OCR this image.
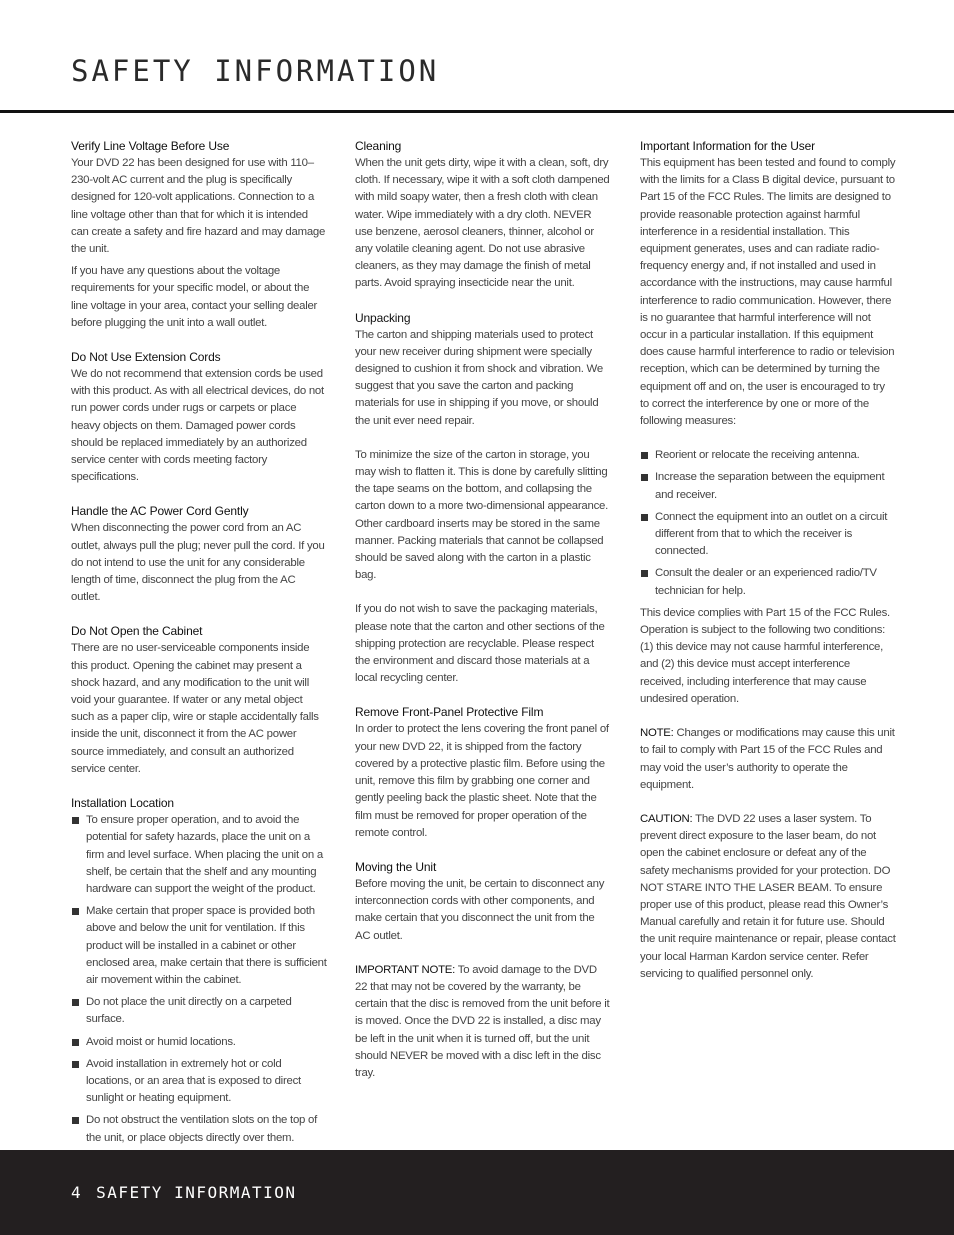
SAFETY INFORMATION
Verify Line Voltage Before Use

Your DVD 22 has been designed for use with 110–230-volt AC current and the plug is specifically designed for 120-volt applications. Connection to a line voltage other than that for which it is intended can create a safety and fire hazard and may damage the unit.

If you have any questions about the voltage requirements for your specific model, or about the line voltage in your area, contact your selling dealer before plugging the unit into a wall outlet.

Do Not Use Extension Cords

We do not recommend that extension cords be used with this product. As with all electrical devices, do not run power cords under rugs or carpets or place heavy objects on them. Damaged power cords should be replaced immediately by an authorized service center with cords meeting factory specifications.

Handle the AC Power Cord Gently

When disconnecting the power cord from an AC outlet, always pull the plug; never pull the cord. If you do not intend to use the unit for any considerable length of time, disconnect the plug from the AC outlet.

Do Not Open the Cabinet

There are no user-serviceable components inside this product. Opening the cabinet may present a shock hazard, and any modification to the unit will void your guarantee. If water or any metal object such as a paper clip, wire or staple accidentally falls inside the unit, disconnect it from the AC power source immediately, and consult an authorized service center.

Installation Location
To ensure proper operation, and to avoid the potential for safety hazards, place the unit on a firm and level surface. When placing the unit on a shelf, be certain that the shelf and any mounting hardware can support the weight of the product.
Make certain that proper space is provided both above and below the unit for ventilation. If this product will be installed in a cabinet or other enclosed area, make certain that there is sufficient air movement within the cabinet.
Do not place the unit directly on a carpeted surface.
Avoid moist or humid locations.
Avoid installation in extremely hot or cold locations, or an area that is exposed to direct sunlight or heating equipment.
Do not obstruct the ventilation slots on the top of the unit, or place objects directly over them.
Cleaning

When the unit gets dirty, wipe it with a clean, soft, dry cloth. If necessary, wipe it with a soft cloth dampened with mild soapy water, then a fresh cloth with clean water. Wipe immediately with a dry cloth. NEVER use benzene, aerosol cleaners, thinner, alcohol or any volatile cleaning agent. Do not use abrasive cleaners, as they may damage the finish of metal parts. Avoid spraying insecticide near the unit.

Unpacking

The carton and shipping materials used to protect your new receiver during shipment were specially designed to cushion it from shock and vibration. We suggest that you save the carton and packing materials for use in shipping if you move, or should the unit ever need repair.

To minimize the size of the carton in storage, you may wish to flatten it. This is done by carefully slitting the tape seams on the bottom, and collapsing the carton down to a more two-dimensional appearance. Other cardboard inserts may be stored in the same manner. Packing materials that cannot be collapsed should be saved along with the carton in a plastic bag.

If you do not wish to save the packaging materials, please note that the carton and other sections of the shipping protection are recyclable. Please respect the environment and discard those materials at a local recycling center.

Remove Front-Panel Protective Film

In order to protect the lens covering the front panel of your new DVD 22, it is shipped from the factory covered by a protective plastic film. Before using the unit, remove this film by grabbing one corner and gently peeling back the plastic sheet. Note that the film must be removed for proper operation of the remote control.

Moving the Unit

Before moving the unit, be certain to disconnect any interconnection cords with other components, and make certain that you disconnect the unit from the AC outlet.

IMPORTANT NOTE: To avoid damage to the DVD 22 that may not be covered by the warranty, be certain that the disc is removed from the unit before it is moved. Once the DVD 22 is installed, a disc may be left in the unit when it is turned off, but the unit should NEVER be moved with a disc left in the disc tray.

Important Information for the User

This equipment has been tested and found to comply with the limits for a Class B digital device, pursuant to Part 15 of the FCC Rules. The limits are designed to provide reasonable protection against harmful interference in a residential installation. This equipment generates, uses and can radiate radio-frequency energy and, if not installed and used in accordance with the instructions, may cause harmful interference to radio communication. However, there is no guarantee that harmful interference will not occur in a particular installation. If this equipment does cause harmful interference to radio or television reception, which can be determined by turning the equipment off and on, the user is encouraged to try to correct the interference by one or more of the following measures:

Reorient or relocate the receiving antenna.
Increase the separation between the equipment and receiver.
Connect the equipment into an outlet on a circuit different from that to which the receiver is connected.
Consult the dealer or an experienced radio/TV technician for help.

This device complies with Part 15 of the FCC Rules. Operation is subject to the following two conditions: (1) this device may not cause harmful interference, and (2) this device must accept interference received, including interference that may cause undesired operation.

NOTE: Changes or modifications may cause this unit to fail to comply with Part 15 of the FCC Rules and may void the user’s authority to operate the equipment.

CAUTION: The DVD 22 uses a laser system. To prevent direct exposure to the laser beam, do not open the cabinet enclosure or defeat any of the safety mechanisms provided for your protection. DO NOT STARE INTO THE LASER BEAM. To ensure proper use of this product, please read this Owner’s Manual carefully and retain it for future use. Should the unit require maintenance or repair, please contact your local Harman Kardon service center. Refer servicing to qualified personnel only.

4 SAFETY INFORMATION
